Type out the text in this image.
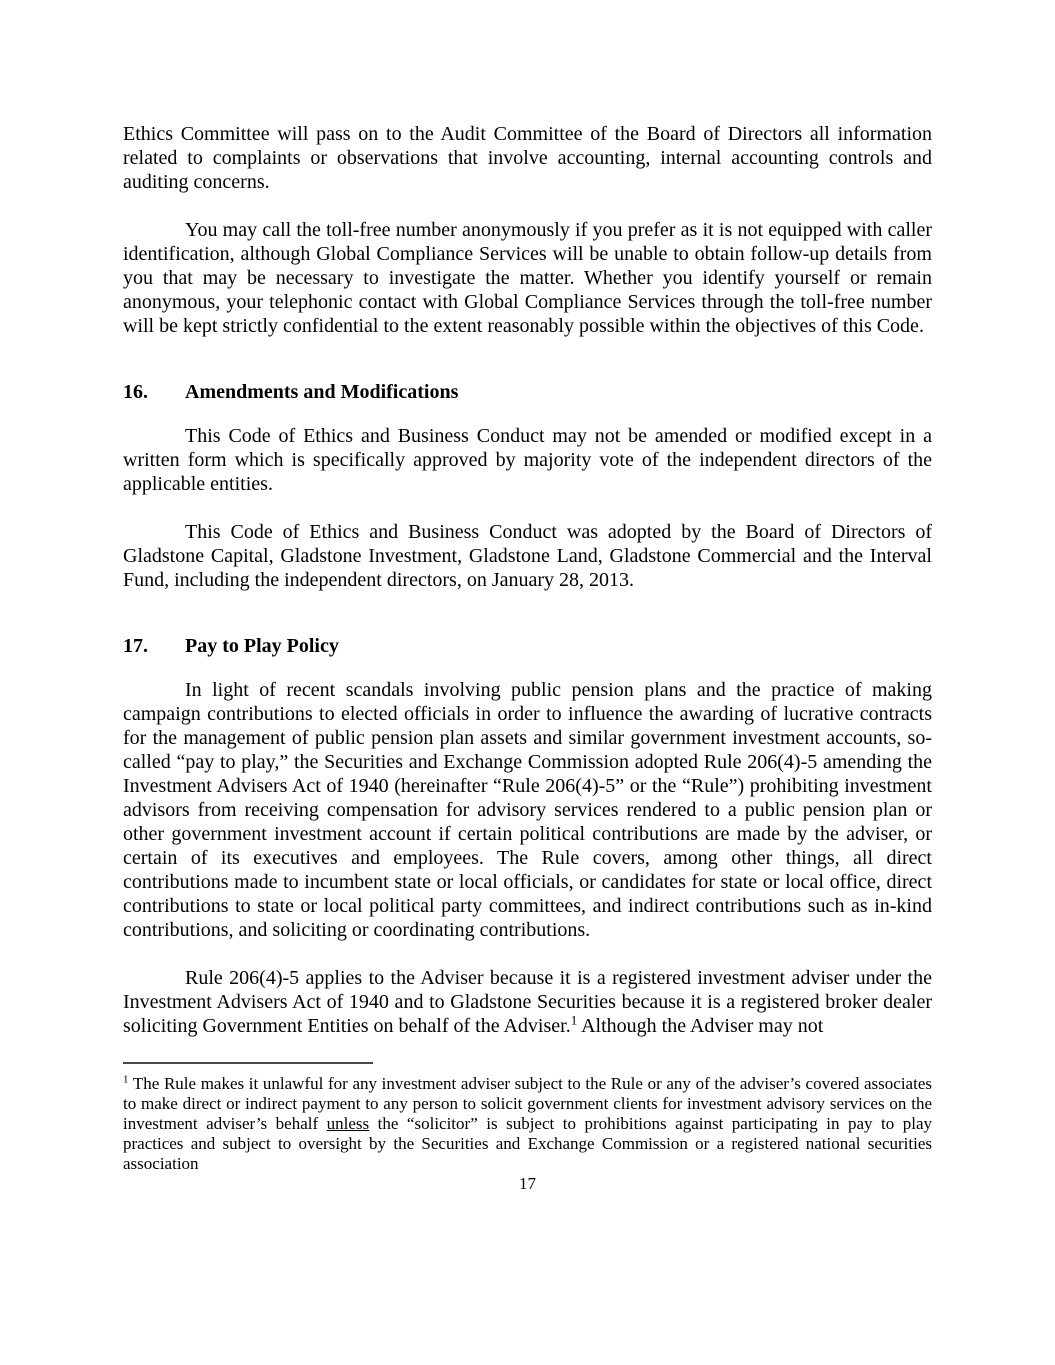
Ethics Committee will pass on to the Audit Committee of the Board of Directors all information related to complaints or observations that involve accounting, internal accounting controls and auditing concerns.

You may call the toll-free number anonymously if you prefer as it is not equipped with caller identification, although Global Compliance Services will be unable to obtain follow-up details from you that may be necessary to investigate the matter. Whether you identify yourself or remain anonymous, your telephonic contact with Global Compliance Services through the toll-free number will be kept strictly confidential to the extent reasonably possible within the objectives of this Code.

16.	Amendments and Modifications

This Code of Ethics and Business Conduct may not be amended or modified except in a written form which is specifically approved by majority vote of the independent directors of the applicable entities.

This Code of Ethics and Business Conduct was adopted by the Board of Directors of Gladstone Capital, Gladstone Investment, Gladstone Land, Gladstone Commercial and the Interval Fund, including the independent directors, on January 28, 2013.

17.	Pay to Play Policy

In light of recent scandals involving public pension plans and the practice of making campaign contributions to elected officials in order to influence the awarding of lucrative contracts for the management of public pension plan assets and similar government investment accounts, so-called “pay to play,” the Securities and Exchange Commission adopted Rule 206(4)-5 amending the Investment Advisers Act of 1940 (hereinafter “Rule 206(4)-5” or the “Rule”) prohibiting investment advisors from receiving compensation for advisory services rendered to a public pension plan or other government investment account if certain political contributions are made by the adviser, or certain of its executives and employees. The Rule covers, among other things, all direct contributions made to incumbent state or local officials, or candidates for state or local office, direct contributions to state or local political party committees, and indirect contributions such as in-kind contributions, and soliciting or coordinating contributions.

Rule 206(4)-5 applies to the Adviser because it is a registered investment adviser under the Investment Advisers Act of 1940 and to Gladstone Securities because it is a registered broker dealer soliciting Government Entities on behalf of the Adviser.$^1$ Although the Adviser may not

$^1$ The Rule makes it unlawful for any investment adviser subject to the Rule or any of the adviser’s covered associates to make direct or indirect payment to any person to solicit government clients for investment advisory services on the investment adviser’s behalf unless the “solicitor” is subject to prohibitions against participating in pay to play practices and subject to oversight by the Securities and Exchange Commission or a registered national securities association

17
